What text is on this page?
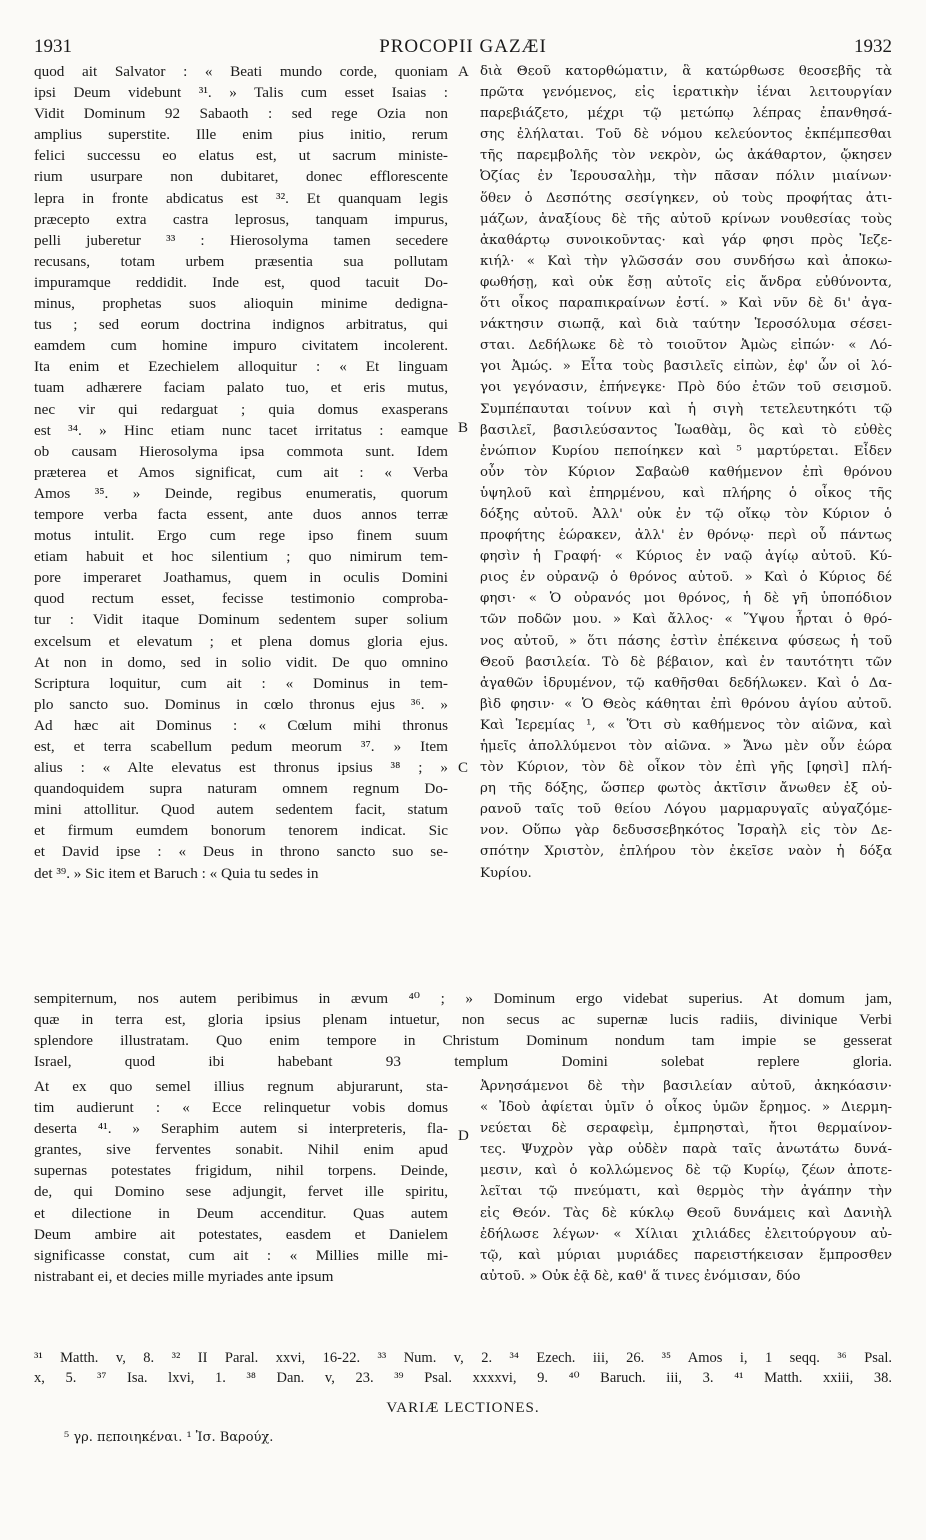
1931	PROCOPII GAZÆI	1932
quod ait Salvator : « Beati mundo corde, quoniam
ipsi Deum videbunt ³¹. » Talis cum esset Isaias :
Vidit Dominum 92 Sabaoth : sed rege Ozia non
amplius superstite. Ille enim pius initio, rerum
felici successu eo elatus est, ut sacrum ministe-
rium usurpare non dubitaret, donec efflorescente
lepra in fronte abdicatus est ³². Et quanquam legis
præcepto extra castra leprosus, tanquam impurus,
pelli juberetur ³³ : Hierosolyma tamen secedere
recusans, totam urbem præsentia sua pollutam
impuramque reddidit. Inde est, quod tacuit Do-
minus, prophetas suos alioquin minime dedigna-
tus ; sed eorum doctrina indignos arbitratus, qui
eamdem cum homine impuro civitatem incolerent.
Ita enim et Ezechielem alloquitur : « Et linguam
tuam adhærere faciam palato tuo, et eris mutus,
nec vir qui redarguat ; quia domus exasperans
est ³⁴. » Hinc etiam nunc tacet irritatus : eamque
ob causam Hierosolyma ipsa commota sunt. Idem
præterea et Amos significat, cum ait : « Verba
Amos ³⁵. » Deinde, regibus enumeratis, quorum
tempore verba facta essent, ante duos annos terræ
motus intulit. Ergo cum rege ipso finem suum
etiam habuit et hoc silentium ; quo nimirum tem-
pore imperaret Joathamus, quem in oculis Domini
quod rectum esset, fecisse testimonio comproba-
tur : Vidit itaque Dominum sedentem super solium
excelsum et elevatum ; et plena domus gloria ejus.
At non in domo, sed in solio vidit. De quo omnino
Scriptura loquitur, cum ait : « Dominus in tem-
plo sancto suo. Dominus in cœlo thronus ejus ³⁶. »
Ad hæc ait Dominus : « Cœlum mihi thronus
est, et terra scabellum pedum meorum ³⁷. » Item
alius : « Alte elevatus est thronus ipsius ³⁸ ; »
quandoquidem supra naturam omnem regnum Do-
mini attollitur. Quod autem sedentem facit, statum
et firmum eumdem bonorum tenorem indicat. Sic
et David ipse : « Deus in throno sancto suo se-
det ³⁹. » Sic item et Baruch : « Quia tu sedes in
διὰ Θεοῦ κατορθώματιν, ἃ κατώρθωσε θεοσεβῆς τὰ
πρῶτα γενόμενος, εἰς ἱερατικὴν ἰέναι λειτουργίαν
παρεβιάζετο, μέχρι τῷ μετώπῳ λέπρας ἐπανθησά-
σης ἐλήλαται. Τοῦ δὲ νόμου κελεύοντος ἐκπέμπεσθαι
τῆς παρεμβολῆς τὸν νεκρὸν, ὡς ἀκάθαρτον, ᾤκησεν
Ὀζίας ἐν Ἱερουσαλὴμ, τὴν πᾶσαν πόλιν μιαίνων·
ὅθεν ὁ Δεσπότης σεσίγηκεν, οὐ τοὺς προφήτας ἀτι-
μάζων, ἀναξίους δὲ τῆς αὐτοῦ κρίνων νουθεσίας τοὺς
ἀκαθάρτῳ συνοικοῦντας· καὶ γάρ φησι πρὸς Ἰεζε-
κιήλ· « Καὶ τὴν γλῶσσάν σου συνδήσω καὶ ἀποκω-
φωθήσῃ, καὶ οὐκ ἔσῃ αὐτοῖς εἰς ἄνδρα εὐθύνοντα,
ὅτι οἶκος παραπικραίνων ἐστί. » Καὶ νῦν δὲ δι' ἀγα-
νάκτησιν σιωπᾷ, καὶ διὰ ταύτην Ἱεροσόλυμα σέσει-
σται. Δεδήλωκε δὲ τὸ τοιοῦτον Ἀμὼς εἰπών· « Λό-
γοι Ἀμώς. » Εἶτα τοὺς βασιλεῖς εἰπὼν, ἐφ' ὧν οἱ λό-
γοι γεγόνασιν, ἐπήνεγκε· Πρὸ δύο ἐτῶν τοῦ σεισμοῦ.
Συμπέπαυται τοίνυν καὶ ἡ σιγὴ τετελευτηκότι τῷ
βασιλεῖ, βασιλεύσαντος Ἰωαθὰμ, ὃς καὶ τὸ εὐθὲς
ἐνώπιον Κυρίου πεποίηκεν καὶ ⁵ μαρτύρεται. Εἶδεν
οὖν τὸν Κύριον Σαβαὼθ καθήμενον ἐπὶ θρόνου
ὑψηλοῦ καὶ ἐπηρμένου, καὶ πλήρης ὁ οἶκος τῆς
δόξης αὐτοῦ. Ἀλλ' οὐκ ἐν τῷ οἴκῳ τὸν Κύριον ὁ
προφήτης ἑώρακεν, ἀλλ' ἐν θρόνῳ· περὶ οὗ πάντως
φησὶν ἡ Γραφή· « Κύριος ἐν ναῷ ἁγίῳ αὐτοῦ. Κύ-
ριος ἐν οὐρανῷ ὁ θρόνος αὐτοῦ. » Καὶ ὁ Κύριος δέ
φησι· « Ὁ οὐρανός μοι θρόνος, ἡ δὲ γῆ ὑποπόδιον
τῶν ποδῶν μου. » Καὶ ἄλλος· « Ὕψου ἦρται ὁ θρό-
νος αὐτοῦ, » ὅτι πάσης ἐστὶν ἐπέκεινα φύσεως ἡ τοῦ
Θεοῦ βασιλεία. Τὸ δὲ βέβαιον, καὶ ἐν ταυτότητι τῶν
ἀγαθῶν ἱδρυμένον, τῷ καθῆσθαι δεδήλωκεν. Καὶ ὁ Δα-
βὶδ φησιν· « Ὁ Θεὸς κάθηται ἐπὶ θρόνου ἁγίου αὐτοῦ.
Καὶ Ἱερεμίας ¹, « Ὅτι σὺ καθήμενος τὸν αἰῶνα, καὶ
ἡμεῖς ἀπολλύμενοι τὸν αἰῶνα. » Ἄνω μὲν οὖν ἑώρα
τὸν Κύριον, τὸν δὲ οἶκον τὸν ἐπὶ γῆς [φησὶ] πλή-
ρη τῆς δόξης, ὥσπερ φωτὸς ἀκτῖσιν ἄνωθεν ἐξ οὐ-
ρανοῦ ταῖς τοῦ θείου Λόγου μαρμαρυγαῖς αὐγαζόμε-
νον. Οὕπω γὰρ δεδυσσεβηκότος Ἰσραὴλ εἰς τὸν Δε-
σπότην Χριστὸν, ἐπλήρου τὸν ἐκεῖσε ναὸν ἡ δόξα
Κυρίου.
A
B
C
D
sempiternum, nos autem peribimus in ævum ⁴⁰ ; » Dominum ergo videbat superius. At domum jam,
quæ in terra est, gloria ipsius plenam intuetur, non secus ac supernæ lucis radiis, divinique Verbi
splendore illustratam. Quo enim tempore in Christum Dominum nondum tam impie se gesserat
Israel, quod ibi habebant 93 templum Domini solebat replere gloria.
At ex quo semel illius regnum abjurarunt, sta-
tim audierunt : « Ecce relinquetur vobis domus
deserta ⁴¹. » Seraphim autem si interpreteris, fla-
grantes, sive ferventes sonabit. Nihil enim apud
supernas potestates frigidum, nihil torpens. Deinde,
de, qui Domino sese adjungit, fervet ille spiritu,
et dilectione in Deum accenditur. Quas autem
Deum ambire ait potestates, easdem et Danielem
significasse constat, cum ait : « Millies mille mi-
nistrabant ei, et decies mille myriades ante ipsum
Ἀρνησάμενοι δὲ τὴν βασιλείαν αὐτοῦ, ἀκηκόασιν·
« Ἰδοὺ ἀφίεται ὑμῖν ὁ οἶκος ὑμῶν ἔρημος. » Διερμη-
νεύεται δὲ σεραφεὶμ, ἐμπρησταὶ, ἤτοι θερμαίνον-
τες. Ψυχρὸν γὰρ οὐδὲν παρὰ ταῖς ἀνωτάτω δυνά-
μεσιν, καὶ ὁ κολλώμενος δὲ τῷ Κυρίῳ, ζέων ἀποτε-
λεῖται τῷ πνεύματι, καὶ θερμὸς τὴν ἀγάπην τὴν
εἰς Θεόν. Τὰς δὲ κύκλῳ Θεοῦ δυνάμεις καὶ Δανιὴλ
ἐδήλωσε λέγων· « Χίλιαι χιλιάδες ἐλειτούργουν αὐ-
τῷ, καὶ μύριαι μυριάδες παρειστήκεισαν ἔμπροσθεν
αὐτοῦ. » Οὐκ ἐᾷ δὲ, καθ' ἅ τινες ἐνόμισαν, δύο
³¹ Matth. v, 8. ³² II Paral. xxvi, 16-22. ³³ Num. v, 2. ³⁴ Ezech. iii, 26. ³⁵ Amos i, 1 seqq. ³⁶ Psal.
x, 5. ³⁷ Isa. lxvi, 1. ³⁸ Dan. v, 23. ³⁹ Psal. xxxxvi, 9. ⁴⁰ Baruch. iii, 3. ⁴¹ Matth. xxiii, 38.
VARIÆ LECTIONES.
⁵ γρ. πεποιηκέναι. ¹ Ἰσ. Βαρούχ.
